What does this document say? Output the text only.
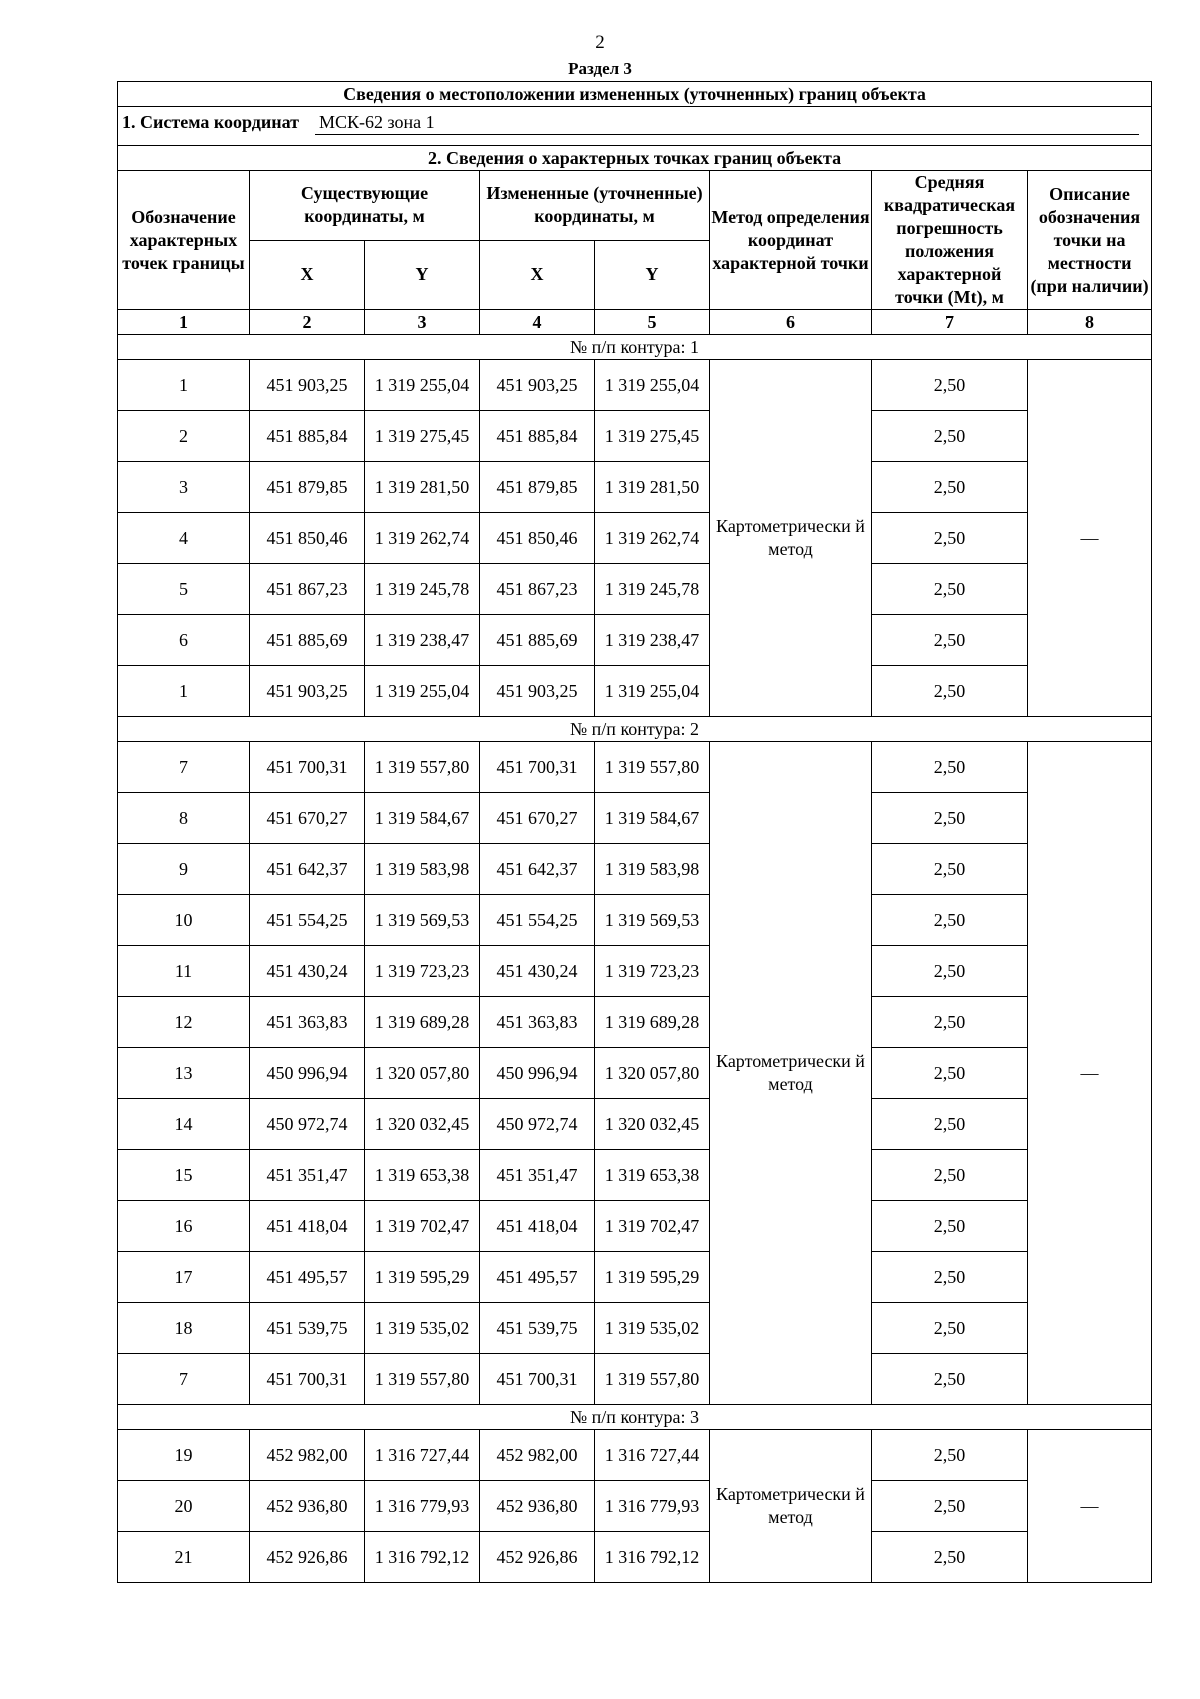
2
Раздел 3
Сведения о местоположении измененных (уточненных) границ объекта							

1. Система координат МСК-62 зона 1							

2. Сведения о характерных точках границ объекта							
Обозначение характерных точек границы	Существующие координаты, м		Измененные (уточненные) координаты, м		Метод определения координат характерной точки	Средняя квадратическая погрешность положения характерной точки (Mt), м	Описание обозначения точки на местности (при наличии)
	X	Y	X	Y			
1	2	3	4	5	6	7	8
№ п/п контура: 1							
1	451 903,25	1 319 255,04	451 903,25	1 319 255,04	Картометрически й метод	2,50	—
2	451 885,84	1 319 275,45	451 885,84	1 319 275,45		2,50	
3	451 879,85	1 319 281,50	451 879,85	1 319 281,50		2,50	
4	451 850,46	1 319 262,74	451 850,46	1 319 262,74		2,50	
5	451 867,23	1 319 245,78	451 867,23	1 319 245,78		2,50	
6	451 885,69	1 319 238,47	451 885,69	1 319 238,47		2,50	
1	451 903,25	1 319 255,04	451 903,25	1 319 255,04		2,50	
№ п/п контура: 2							
7	451 700,31	1 319 557,80	451 700,31	1 319 557,80	Картометрически й метод	2,50	—
8	451 670,27	1 319 584,67	451 670,27	1 319 584,67		2,50	
9	451 642,37	1 319 583,98	451 642,37	1 319 583,98		2,50	
10	451 554,25	1 319 569,53	451 554,25	1 319 569,53		2,50	
11	451 430,24	1 319 723,23	451 430,24	1 319 723,23		2,50	
12	451 363,83	1 319 689,28	451 363,83	1 319 689,28		2,50	
13	450 996,94	1 320 057,80	450 996,94	1 320 057,80		2,50	
14	450 972,74	1 320 032,45	450 972,74	1 320 032,45		2,50	
15	451 351,47	1 319 653,38	451 351,47	1 319 653,38		2,50	
16	451 418,04	1 319 702,47	451 418,04	1 319 702,47		2,50	
17	451 495,57	1 319 595,29	451 495,57	1 319 595,29		2,50	
18	451 539,75	1 319 535,02	451 539,75	1 319 535,02		2,50	
7	451 700,31	1 319 557,80	451 700,31	1 319 557,80		2,50	
№ п/п контура: 3							
19	452 982,00	1 316 727,44	452 982,00	1 316 727,44	Картометрически й метод	2,50	—
20	452 936,80	1 316 779,93	452 936,80	1 316 779,93		2,50	
21	452 926,86	1 316 792,12	452 926,86	1 316 792,12		2,50	
